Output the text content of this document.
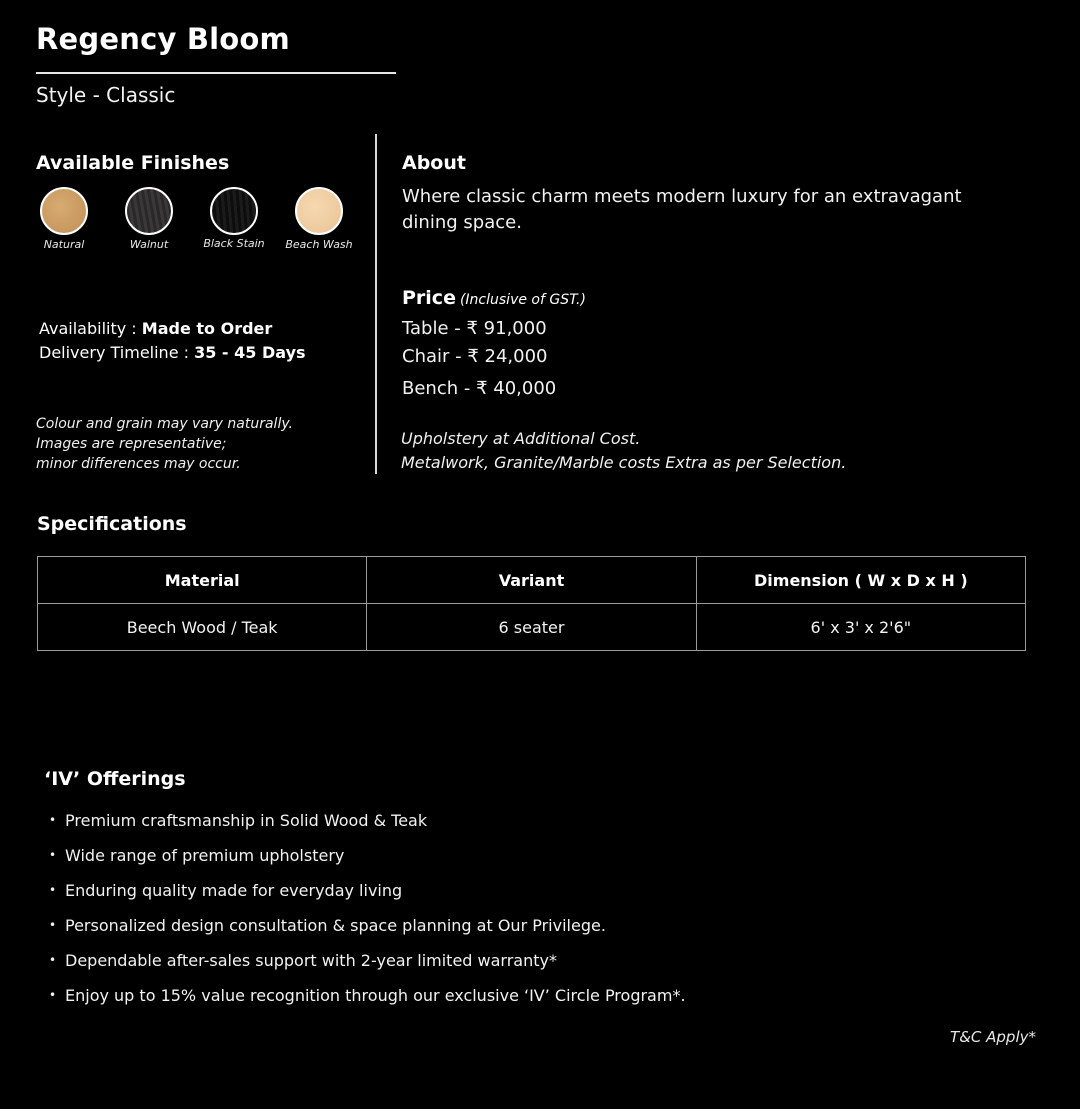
Regency Bloom
Style - Classic
Available Finishes
Natural	Walnut	Black Stain	Beach Wash
Availability : Made to Order
Delivery Timeline : 35 - 45 Days
Colour and grain may vary naturally.
Images are representative;
minor differences may occur.
About
Where classic charm meets modern luxury for an extravagant dining space.
Price (Inclusive of GST.)
Table - ₹ 91,000
Chair - ₹ 24,000
Bench - ₹ 40,000
Upholstery at Additional Cost.
Metalwork, Granite/Marble costs Extra as per Selection.
Specifications
Material	Variant	Dimension ( W x D x H )
Beech Wood / Teak	6 seater	6' x 3' x 2'6"
‘IV’ Offerings
• Premium craftsmanship in Solid Wood & Teak
• Wide range of premium upholstery
• Enduring quality made for everyday living
• Personalized design consultation & space planning at Our Privilege.
• Dependable after-sales support with 2-year limited warranty*
• Enjoy up to 15% value recognition through our exclusive ‘IV’ Circle Program*.
T&C Apply*
